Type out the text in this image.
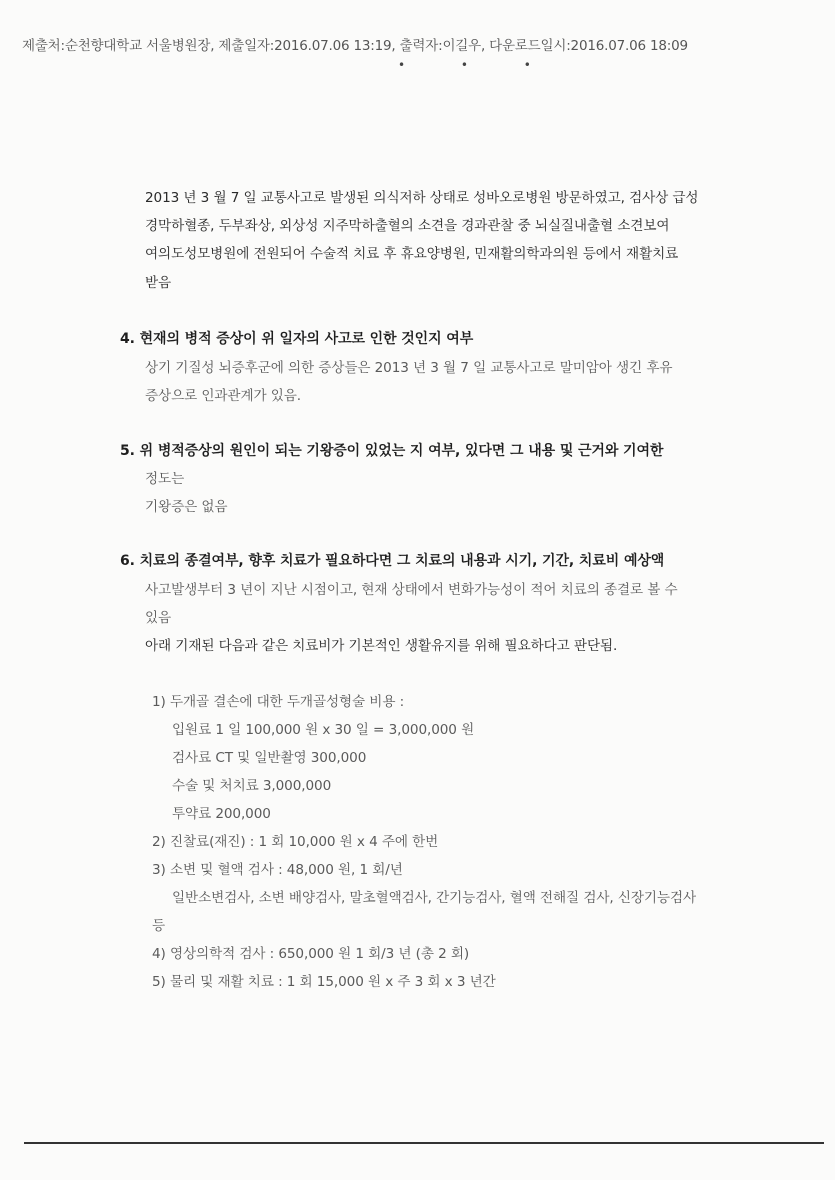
제출처:순천향대학교 서울병원장, 제출일자:2016.07.06 13:19, 출력자:이길우, 다운로드일시:2016.07.06 18:09
• • •
2013 년 3 월 7 일 교통사고로 발생된 의식저하 상태로 성바오로병원 방문하였고, 검사상 급성
경막하혈종, 두부좌상, 외상성 지주막하출혈의 소견을 경과관찰 중 뇌실질내출혈 소견보여
여의도성모병원에 전원되어 수술적 치료 후 휴요양병원, 민재활의학과의원 등에서 재활치료
받음
4. 현재의 병적 증상이 위 일자의 사고로 인한 것인지 여부
상기 기질성 뇌증후군에 의한 증상들은 2013 년 3 월 7 일 교통사고로 말미암아 생긴 후유
증상으로 인과관계가 있음.
5. 위 병적증상의 원인이 되는 기왕증이 있었는 지 여부, 있다면 그 내용 및 근거와 기여한
정도는
기왕증은 없음
6. 치료의 종결여부, 향후 치료가 필요하다면 그 치료의 내용과 시기, 기간, 치료비 예상액
사고발생부터 3 년이 지난 시점이고, 현재 상태에서 변화가능성이 적어 치료의 종결로 볼 수
있음
아래 기재된 다음과 같은 치료비가 기본적인 생활유지를 위해 필요하다고 판단됨.
1) 두개골 결손에 대한 두개골성형술 비용 :
입원료 1 일 100,000 원 x 30 일 = 3,000,000 원
검사료 CT 및 일반촬영 300,000
수술 및 처치료 3,000,000
투약료 200,000
2) 진찰료(재진) : 1 회 10,000 원 x 4 주에 한번
3) 소변 및 혈액 검사 : 48,000 원, 1 회/년
일반소변검사, 소변 배양검사, 말초혈액검사, 간기능검사, 혈액 전해질 검사, 신장기능검사
등
4) 영상의학적 검사 : 650,000 원 1 회/3 년 (총 2 회)
5) 물리 및 재활 치료 : 1 회 15,000 원 x 주 3 회 x 3 년간
